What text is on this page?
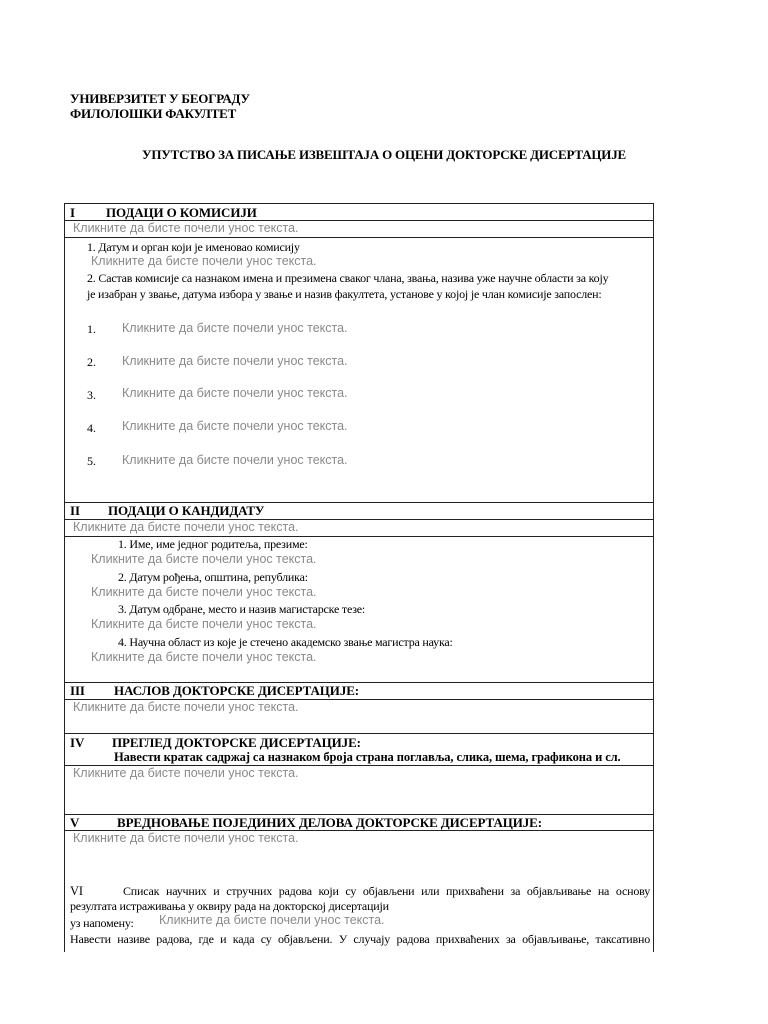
УНИВЕРЗИТЕТ У БЕОГРАДУ
ФИЛОЛОШКИ ФАКУЛТЕТ
УПУТСТВО ЗА ПИСАЊЕ ИЗВЕШТАЈА О ОЦЕНИ ДОКТОРСКЕ ДИСЕРТАЦИЈЕ
I ПОДАЦИ О КОМИСИЈИ
Кликните да бисте почели унос текста.
1. Датум и орган који је именовао комисију
Кликните да бисте почели унос текста.
2. Састав комисије са назнаком имена и презимена сваког члана, звања, назива уже научне области за коју
је изабран у звање, датума избора у звање и назив факултета, установе у којој је члан комисије запослен:
1. Кликните да бисте почели унос текста.
2. Кликните да бисте почели унос текста.
3. Кликните да бисте почели унос текста.
4. Кликните да бисте почели унос текста.
5. Кликните да бисте почели унос текста.
II ПОДАЦИ О КАНДИДАТУ
Кликните да бисте почели унос текста.
1. Име, име једног родитеља, презиме:
Кликните да бисте почели унос текста.
2. Датум рођења, општина, република:
Кликните да бисте почели унос текста.
3. Датум одбране, место и назив магистарске тезе:
Кликните да бисте почели унос текста.
4. Научна област из које је стечено академско звање магистра наука:
Кликните да бисте почели унос текста.
III НАСЛОВ ДОКТОРСКЕ ДИСЕРТАЦИЈЕ:
Кликните да бисте почели унос текста.
IV ПРЕГЛЕД ДОКТОРСКЕ ДИСЕРТАЦИЈЕ:
Навести кратак садржај са назнаком броја страна поглавља, слика, шема, графикона и сл.
Кликните да бисте почели унос текста.
V	ВРЕДНОВАЊЕ ПОЈЕДИНИХ ДЕЛОВА ДОКТОРСКЕ ДИСЕРТАЦИЈЕ:
Кликните да бисте почели унос текста.
VI	Списак научних и стручних радова који су објављени или прихваћени за објављивање на основу
резултата истраживања у оквиру рада на докторској дисертацији
уз напомену: Кликните да бисте почели унос текста.
Навести називе радова, где и када су објављени. У случају радова прихваћених за објављивање, таксативно
